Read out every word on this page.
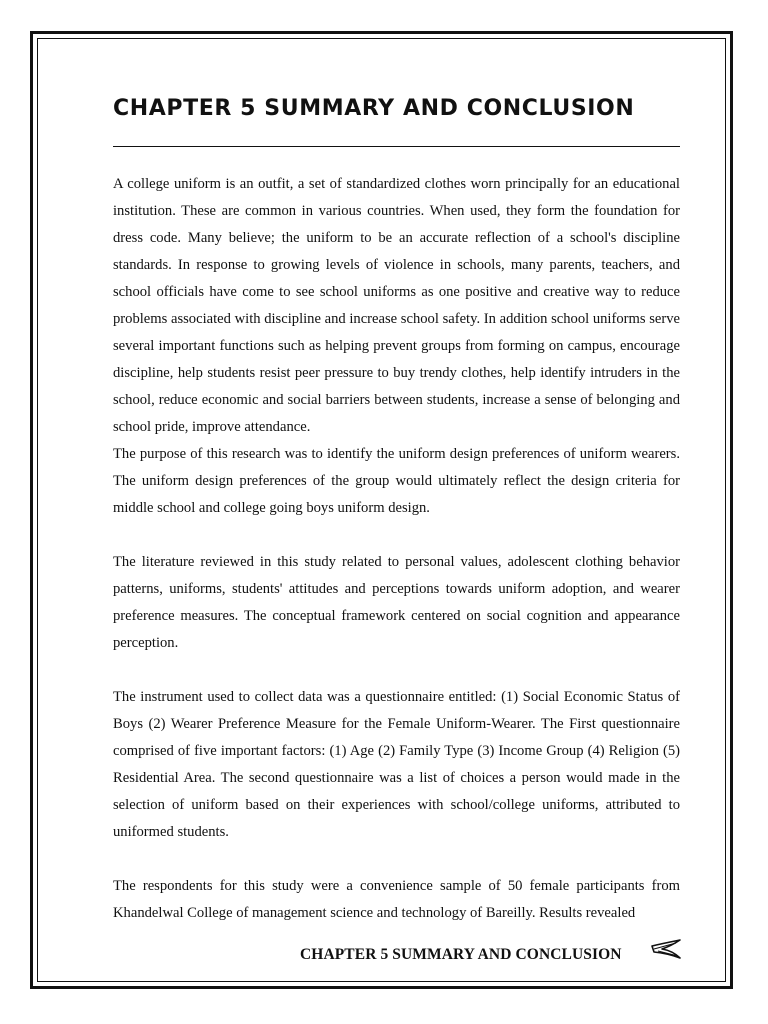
CHAPTER 5 SUMMARY AND CONCLUSION

A college uniform is an outfit, a set of standardized clothes worn principally for an educational institution. These are common in various countries. When used, they form the foundation for dress code. Many believe; the uniform to be an accurate reflection of a school's discipline standards. In response to growing levels of violence in schools, many parents, teachers, and school officials have come to see school uniforms as one positive and creative way to reduce problems associated with discipline and increase school safety. In addition school uniforms serve several important functions such as helping prevent groups from forming on campus, encourage discipline, help students resist peer pressure to buy trendy clothes, help identify intruders in the school, reduce economic and social barriers between students, increase a sense of belonging and school pride, improve attendance.

The purpose of this research was to identify the uniform design preferences of uniform wearers. The uniform design preferences of the group would ultimately reflect the design criteria for middle school and college going boys uniform design.

The literature reviewed in this study related to personal values, adolescent clothing behavior patterns, uniforms, students' attitudes and perceptions towards uniform adoption, and wearer preference measures. The conceptual framework centered on social cognition and appearance perception.

The instrument used to collect data was a questionnaire entitled: (1) Social Economic Status of Boys (2) Wearer Preference Measure for the Female Uniform-Wearer. The First questionnaire comprised of five important factors: (1) Age (2) Family Type (3) Income Group (4) Religion (5) Residential Area. The second questionnaire was a list of choices a person would made in the selection of uniform based on their experiences with school/college uniforms, attributed to uniformed students.

The respondents for this study were a convenience sample of 50 female participants from Khandelwal College of management science and technology of Bareilly. Results revealed

CHAPTER 5 SUMMARY AND CONCLUSION
